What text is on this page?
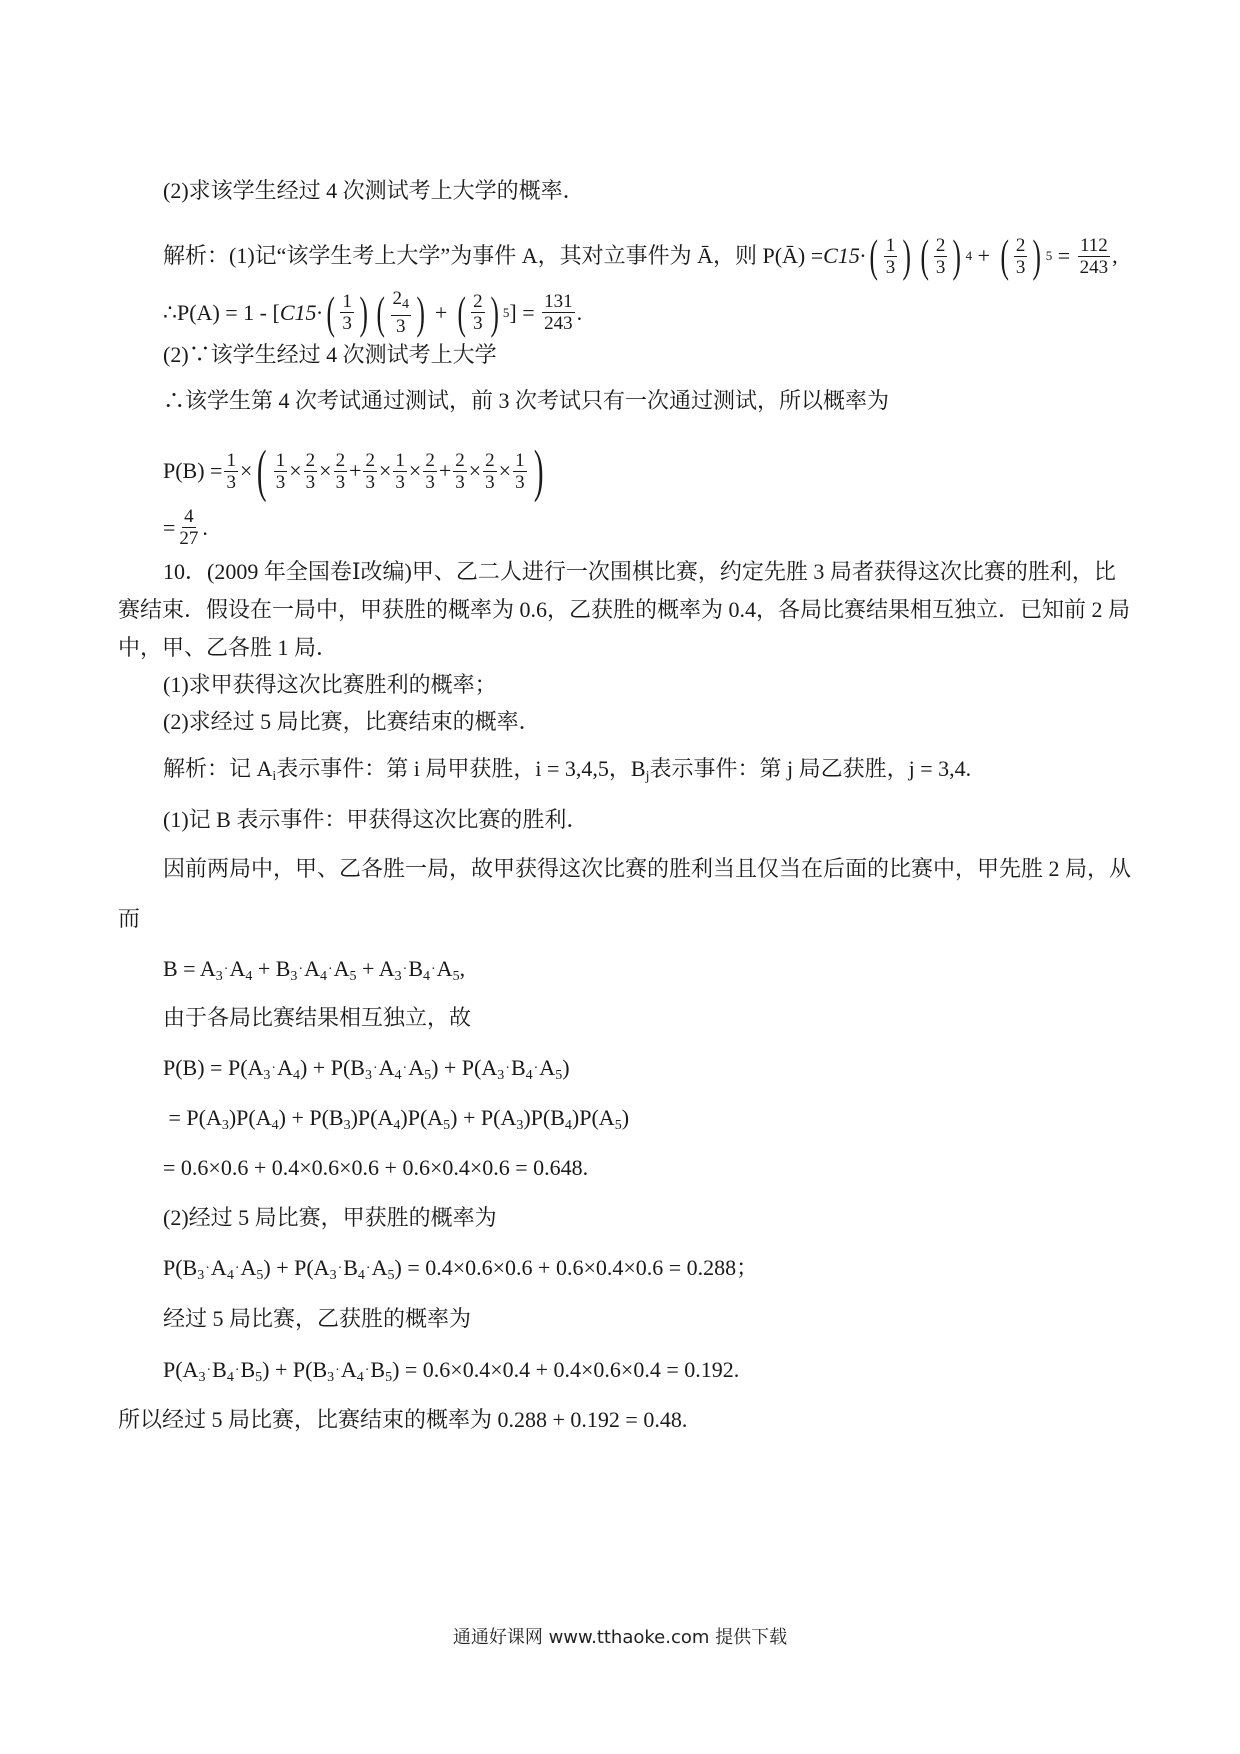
(2)求该学生经过 4 次测试考上大学的概率．
解析： (1)记“该学生考上大学”为事件 A，其对立事件为 Ā，则 P(Ā) = C15· ( $\frac{1}{3}$ ) ( $\frac{2}{3}$ ) 4 + ( $\frac{2}{3}$ ) $5 = \frac{112}{243}$ ,
∴P(A) = 1 - [ C15· ( $\frac{1}{3}$ ) ( $\frac{2_4}{3}$ ) + ( $\frac{2}{3}$ ) 5 ] = $\frac{131}{243}$ .
(2)∵该学生经过 4 次测试考上大学
∴该学生第 4 次考试通过测试，前 3 次考试只有一次通过测试，所以概率为
$P(B) = \frac{1}{3}$ × ( $\frac{1}{3} \times \frac{2}{3} \times \frac{2}{3} + \frac{2}{3} \times \frac{1}{3} \times \frac{2}{3} + \frac{2}{3} \times \frac{2}{3} \times \frac{1}{3}$ )
= $\frac{4}{27}$ .
10．(2009 年全国卷Ⅰ改编)甲、乙二人进行一次围棋比赛，约定先胜 3 局者获得这次比赛的胜利，比
赛结束．假设在一局中，甲获胜的概率为 0.6，乙获胜的概率为 0.4，各局比赛结果相互独立．已知前 2 局
中，甲、乙各胜 1 局．
(1)求甲获得这次比赛胜利的概率；
(2)求经过 5 局比赛，比赛结束的概率．
解析：记 $A_i$表示事件：第 i 局甲获胜，i = 3,4,5，$B_j$表示事件：第 j 局乙获胜，j = 3,4.
(1)记 B 表示事件：甲获得这次比赛的胜利．
因前两局中，甲、乙各胜一局，故甲获得这次比赛的胜利当且仅当在后面的比赛中，甲先胜 2 局，从
而
$B = A_3\cdot A_4 + B_3\cdot A_4\cdot A_5 + A_3\cdot B_4\cdot A_5$,
由于各局比赛结果相互独立，故
$P(B) = P(A_3\cdot A_4) + P(B_3\cdot A_4\cdot A_5) + P(A_3\cdot B_4\cdot A_5)$
= $P(A_3)P(A_4) + P(B_3)P(A_4)P(A_5) + P(A_3)P(B_4)P(A_5)$
= 0.6×0.6 + 0.4×0.6×0.6 + 0.6×0.4×0.6 = 0.648.
(2)经过 5 局比赛，甲获胜的概率为
$P(B_3\cdot A_4\cdot A_5) + P(A_3\cdot B_4\cdot A_5) = 0.4\times 0.6\times 0.6 + 0.6\times 0.4\times 0.6 = 0.288$；
经过 5 局比赛，乙获胜的概率为
$P(A_3\cdot B_4\cdot B_5) + P(B_3\cdot A_4\cdot B_5) = 0.6\times 0.4\times 0.4 + 0.4\times 0.6\times 0.4 = 0.192$.
所以经过 5 局比赛，比赛结束的概率为 0.288 + 0.192 = 0.48.
通通好课网 www.tthaoke.com 提供下载
